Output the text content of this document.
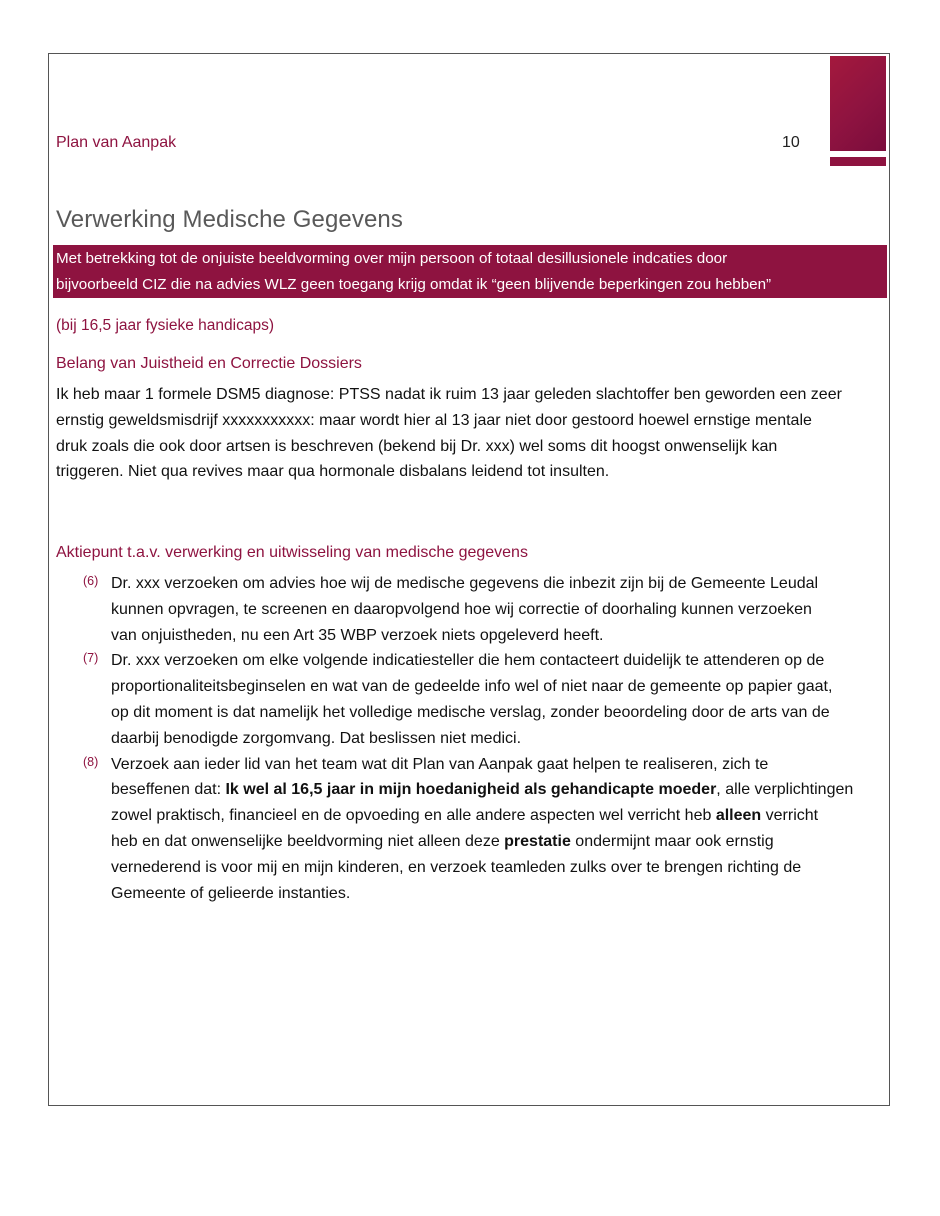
Plan van Aanpak	10
Verwerking Medische Gegevens
Met betrekking tot de onjuiste beeldvorming over mijn persoon of totaal desillusionele indcaties door
bijvoorbeeld CIZ die na advies WLZ geen toegang krijg omdat ik “geen blijvende beperkingen zou hebben”
(bij 16,5 jaar fysieke handicaps)
Belang van Juistheid en Correctie Dossiers
Ik heb maar 1 formele DSM5 diagnose: PTSS nadat ik ruim 13 jaar geleden slachtoffer ben geworden een zeer
ernstig geweldsmisdrijf xxxxxxxxxxx: maar wordt hier al 13 jaar niet door gestoord hoewel ernstige mentale
druk zoals die ook door artsen is beschreven (bekend bij Dr. xxx) wel soms dit hoogst onwenselijk kan
triggeren. Niet qua revives maar qua hormonale disbalans leidend tot insulten.
Aktiepunt t.a.v. verwerking en uitwisseling van medische gegevens
(6) Dr. xxx verzoeken om advies hoe wij de medische gegevens die inbezit zijn bij de Gemeente Leudal
kunnen opvragen, te screenen en daaropvolgend hoe wij correctie of doorhaling kunnen verzoeken
van onjuistheden, nu een Art 35 WBP verzoek niets opgeleverd heeft.
(7) Dr. xxx verzoeken om elke volgende indicatiesteller die hem contacteert duidelijk te attenderen op de
proportionaliteitsbeginselen en wat van de gedeelde info wel of niet naar de gemeente op papier gaat,
op dit moment is dat namelijk het volledige medische verslag, zonder beoordeling door de arts van de
daarbij benodigde zorgomvang. Dat beslissen niet medici.
(8) Verzoek aan ieder lid van het team wat dit Plan van Aanpak gaat helpen te realiseren, zich te
beseffenen dat: Ik wel al 16,5 jaar in mijn hoedanigheid als gehandicapte moeder, alle verplichtingen
zowel praktisch, financieel en de opvoeding en alle andere aspecten wel verricht heb alleen verricht
heb en dat onwenselijke beeldvorming niet alleen deze prestatie ondermijnt maar ook ernstig
vernederend is voor mij en mijn kinderen, en verzoek teamleden zulks over te brengen richting de
Gemeente of gelieerde instanties.
